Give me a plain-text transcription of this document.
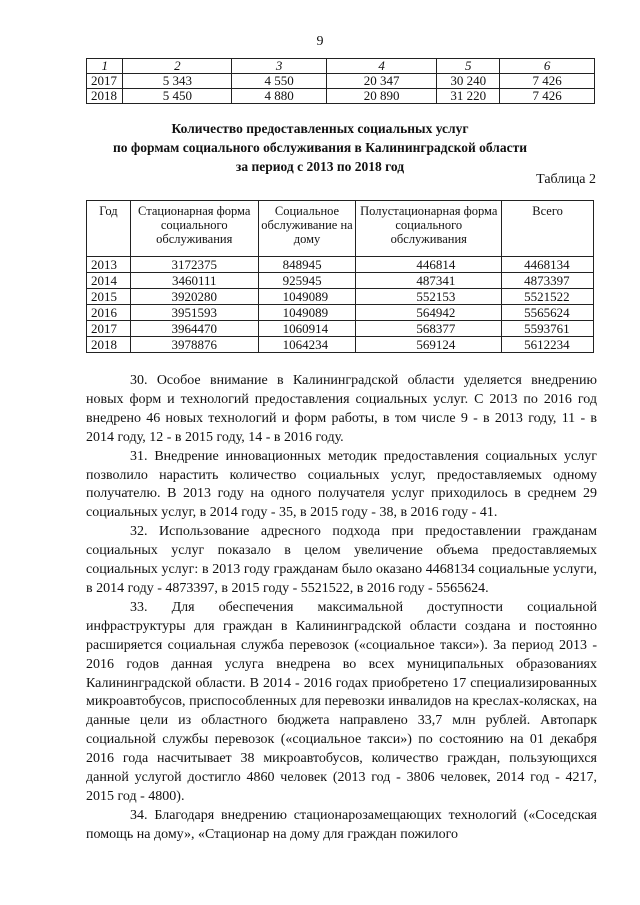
9
1	2	3	4	5	6
2017	5 343	4 550	20 347	30 240	7 426
2018	5 450	4 880	20 890	31 220	7 426
Количество предоставленных социальных услуг
по формам социального обслуживания в Калининградской области
за период с 2013 по 2018 год
Таблица 2
Год	Стационарная форма социального обслуживания	Социальное обслуживание на дому	Полустационарная форма социального обслуживания	Всего
2013	3172375	848945	446814	4468134
2014	3460111	925945	487341	4873397
2015	3920280	1049089	552153	5521522
2016	3951593	1049089	564942	5565624
2017	3964470	1060914	568377	5593761
2018	3978876	1064234	569124	5612234

30. Особое внимание в Калининградской области уделяется внедрению новых форм и технологий предоставления социальных услуг. С 2013 по 2016 год внедрено 46 новых технологий и форм работы, в том числе 9 - в 2013 году, 11 - в 2014 году, 12 - в 2015 году, 14 - в 2016 году.

31. Внедрение инновационных методик предоставления социальных услуг позволило нарастить количество социальных услуг, предоставляемых одному получателю. В 2013 году на одного получателя услуг приходилось в среднем 29 социальных услуг, в 2014 году - 35, в 2015 году - 38, в 2016 году - 41.

32. Использование адресного подхода при предоставлении гражданам социальных услуг показало в целом увеличение объема предоставляемых социальных услуг: в 2013 году гражданам было оказано 4468134 социальные услуги, в 2014 году - 4873397, в 2015 году - 5521522, в 2016 году - 5565624.

33. Для обеспечения максимальной доступности социальной инфраструктуры для граждан в Калининградской области создана и постоянно расширяется социальная служба перевозок («социальное такси»). За период 2013 - 2016 годов данная услуга внедрена во всех муниципальных образованиях Калининградской области. В 2014 - 2016 годах приобретено 17 специализированных микроавтобусов, приспособленных для перевозки инвалидов на креслах-колясках, на данные цели из областного бюджета направлено 33,7 млн рублей. Автопарк социальной службы перевозок («социальное такси») по состоянию на 01 декабря 2016 года насчитывает 38 микроавтобусов, количество граждан, пользующихся данной услугой достигло 4860 человек (2013 год - 3806 человек, 2014 год - 4217, 2015 год - 4800).

34. Благодаря внедрению стационарозамещающих технологий («Соседская помощь на дому», «Стационар на дому для граждан пожилого
